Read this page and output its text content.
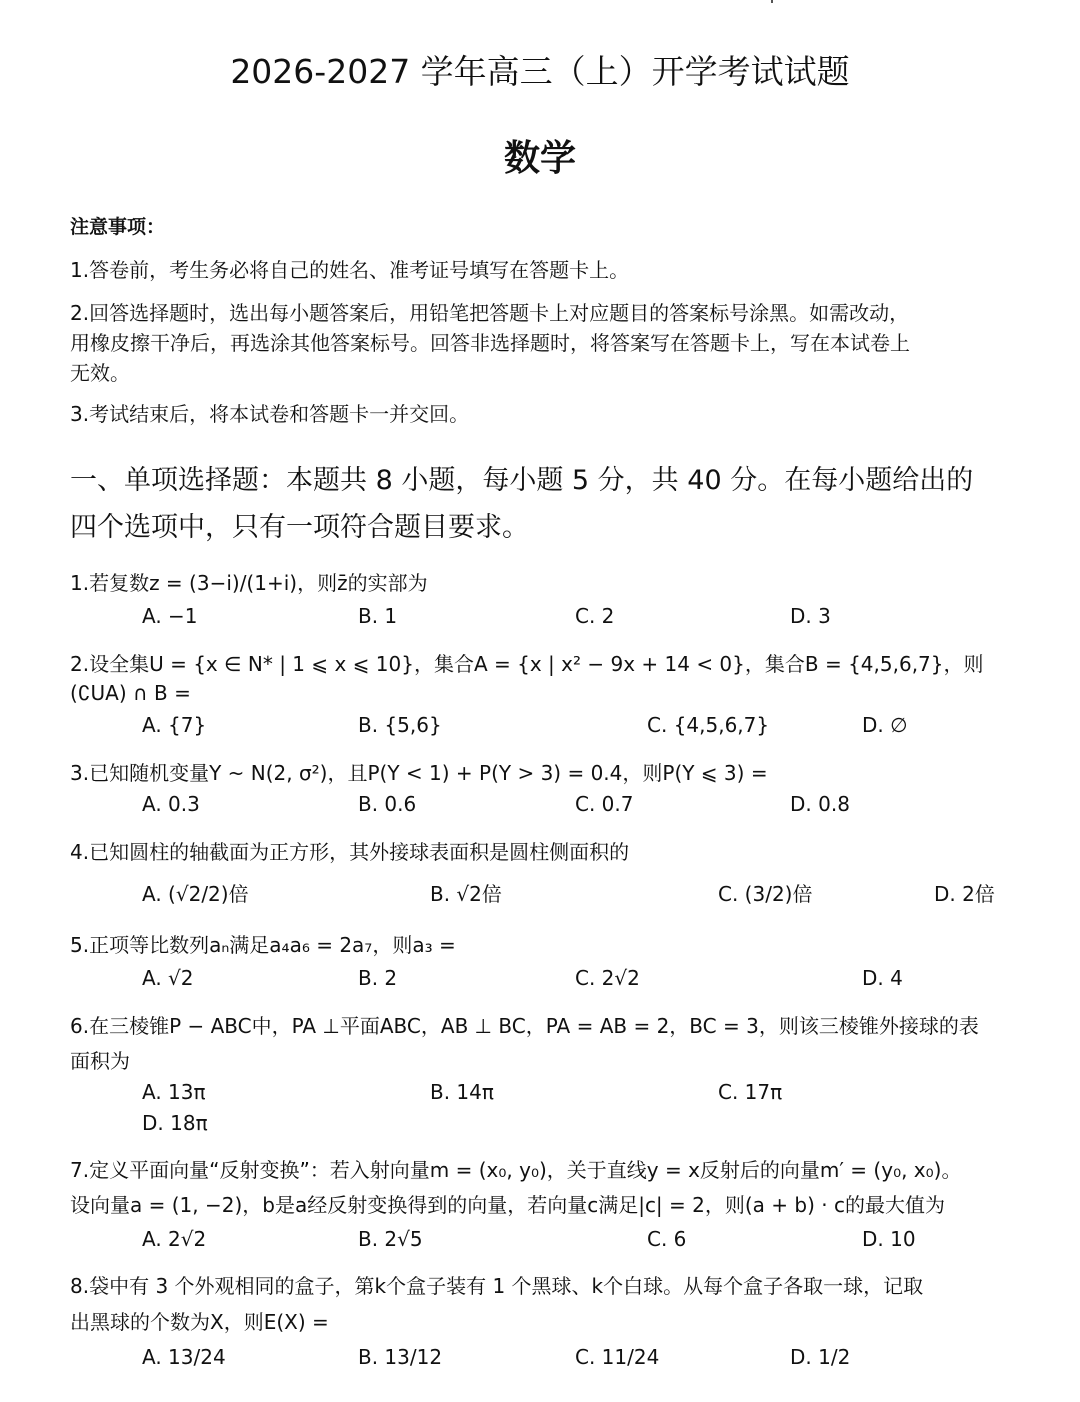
2026-2027 学年高三（上）开学考试试题
数学
注意事项：
1.答卷前，考生务必将自己的姓名、准考证号填写在答题卡上。
2.回答选择题时，选出每小题答案后，用铅笔把答题卡上对应题目的答案标号涂黑。如需改动，
用橡皮擦干净后，再选涂其他答案标号。回答非选择题时，将答案写在答题卡上，写在本试卷上
无效。
3.考试结束后，将本试卷和答题卡一并交回。
一、单项选择题：本题共 8 小题，每小题 5 分，共 40 分。在每小题给出的
四个选项中，只有一项符合题目要求。
1.若复数z = (3−i)/(1+i)，则z̄的实部为
A. −1	B. 1	C. 2	D. 3
2.设全集U = {x ∈ N* | 1 ⩽ x ⩽ 10}，集合A = {x | x² − 9x + 14 < 0}，集合B = {4,5,6,7}，则
(∁UA) ∩ B =
A. {7}	B. {5,6}	C. {4,5,6,7}	D. ∅
3.已知随机变量Y ~ N(2, σ²)，且P(Y < 1) + P(Y > 3) = 0.4，则P(Y ⩽ 3) =
A. 0.3	B. 0.6	C. 0.7	D. 0.8
4.已知圆柱的轴截面为正方形，其外接球表面积是圆柱侧面积的
A. (√2/2)倍	B. √2倍	C. (3/2)倍	D. 2倍
5.正项等比数列aₙ满足a₄a₆ = 2a₇，则a₃ =
A. √2	B. 2	C. 2√2	D. 4
6.在三棱锥P − ABC中，PA ⊥平面ABC，AB ⊥ BC，PA = AB = 2，BC = 3，则该三棱锥外接球的表
面积为
A. 13π	B. 14π	C. 17π
D. 18π
7.定义平面向量“反射变换”：若入射向量m = (x₀, y₀)，关于直线y = x反射后的向量m′ = (y₀, x₀)。
设向量a = (1, −2)，b是a经反射变换得到的向量，若向量c满足|c| = 2，则(a + b) · c的最大值为
A. 2√2	B. 2√5	C. 6	D. 10
8.袋中有 3 个外观相同的盒子，第k个盒子装有 1 个黑球、k个白球。从每个盒子各取一球，记取
出黑球的个数为X，则E(X) =
A. 13/24	B. 13/12	C. 11/24	D. 1/2
